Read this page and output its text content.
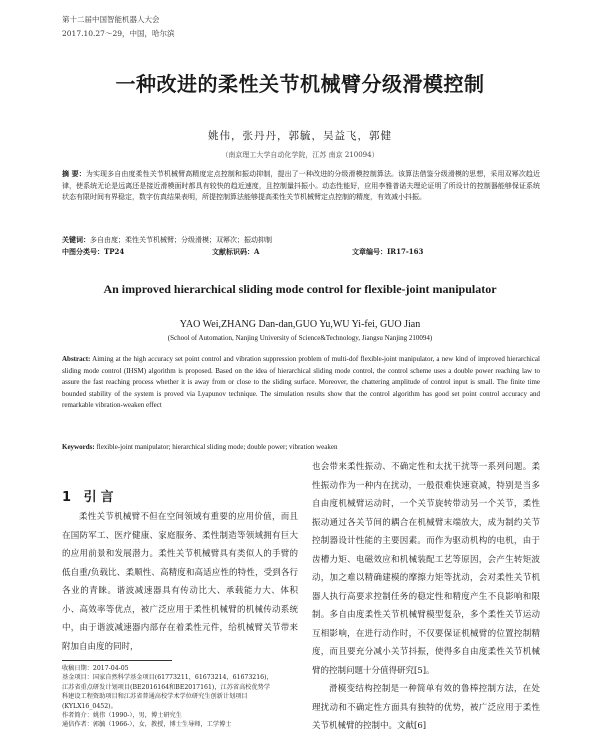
第十二届中国智能机器人大会
2017.10.27～29，中国，哈尔滨
一种改进的柔性关节机械臂分级滑模控制
姚伟，张丹丹，郭毓，吴益飞，郭健
（南京理工大学自动化学院，江苏 南京 210094）
摘 要：为实现多自由度柔性关节机械臂高精度定点控制和振动抑制，提出了一种改进的分级滑模控制算法。该算法借鉴分级滑模的思想，采用双幂次趋近律，使系统无论是远离还是接近滑模面时都具有较快的趋近速度，且控制量抖振小。动态性能好，应用李雅普诺夫理论证明了所设计的控制器能够保证系统状态有限时间有界稳定，数字仿真结果表明，所提控制算法能够提高柔性关节机械臂定点控制的精度，有效减小抖振。
关键词：多自由度；柔性关节机械臂；分级滑模；双幂次；振动抑制
中图分类号：TP24	文献标识码：A	文章编号：IR17-163
An improved hierarchical sliding mode control for flexible-joint manipulator
YAO Wei,ZHANG Dan-dan,GUO Yu,WU Yi-fei, GUO Jian
(School of Automation, Nanjing University of Science&Technology, Jiangsu Nanjing 210094)
Abstract: Aiming at the high accuracy set point control and vibration suppression problem of multi-dof flexible-joint manipulator, a new kind of improved hierarchical sliding mode control (IHSM) algorithm is proposed. Based on the idea of hierarchical sliding mode control, the control scheme uses a double power reaching law to assure the fast reaching process whether it is away from or close to the sliding surface. Moreover, the chattering amplitude of control input is small. The finite time bounded stability of the system is proved via Lyapunov technique. The simulation results show that the control algorithm has good set point control accuracy and remarkable vibration-weaken effect
Keywords: flexible-joint manipulator; hierarchical sliding mode; double power; vibration weaken
1 引言
柔性关节机械臂不但在空间领域有重要的应用价值，而且在国防军工、医疗健康、家庭服务、柔性制造等领域拥有巨大的应用前景和发展潜力。柔性关节机械臂具有类似人的手臂的低自重/负载比、柔顺性、高精度和高适应性的特性，受到各行各业的青睐。谐波减速器具有传动比大、承载能力大、体积小、高效率等优点，被广泛应用于柔性机械臂的机械传动系统中，由于谐波减速器内部存在着柔性元件，给机械臂关节带来附加自由度的同时，

也会带来柔性振动、不确定性和太扰干扰等一系列问题。柔性振动作为一种内在扰动，一般很难快速衰减，特别是当多自由度机械臂运动时，一个关节旋转带动另一个关节，柔性振动通过各关节间的耦合在机械臂末端放大，成为制约关节控制器设计性能的主要因素。而作为驱动机构的电机，由于齿槽力矩、电磁效应和机械装配工艺等原因，会产生转矩波动，加之难以精确建模的摩擦力矩等扰动，会对柔性关节机器人执行高要求控制任务的稳定性和精度产生不良影响和限制。多自由度柔性关节机械臂模型复杂，多个柔性关节运动互相影响，在进行动作时，不仅要保证机械臂的位置控制精度，而且要充分减小关节抖振，使得多自由度柔性关节机械臂的控制问题十分值得研究[5]。

滑模变结构控制是一种简单有效的鲁棒控制方法，在处理扰动和不确定性方面具有独特的优势，被广泛应用于柔性关节机械臂的控制中。文献[6]

收稿日期：2017-04-05
基金项目：国家自然科学基金项目(61773211，61673214，61673216)，
江苏省重点研发计划项目(BE2016164和BE2017161)，江苏省高校优势学
科建设工程资助项目和江苏省普通高校学术学位研究生创新计划项目
(KYLX16_0452)。
作者简介：姚伟（1990-），男，博士研究生
通信作者：郭毓（1966-），女，教授，博士生导师，工学博士
